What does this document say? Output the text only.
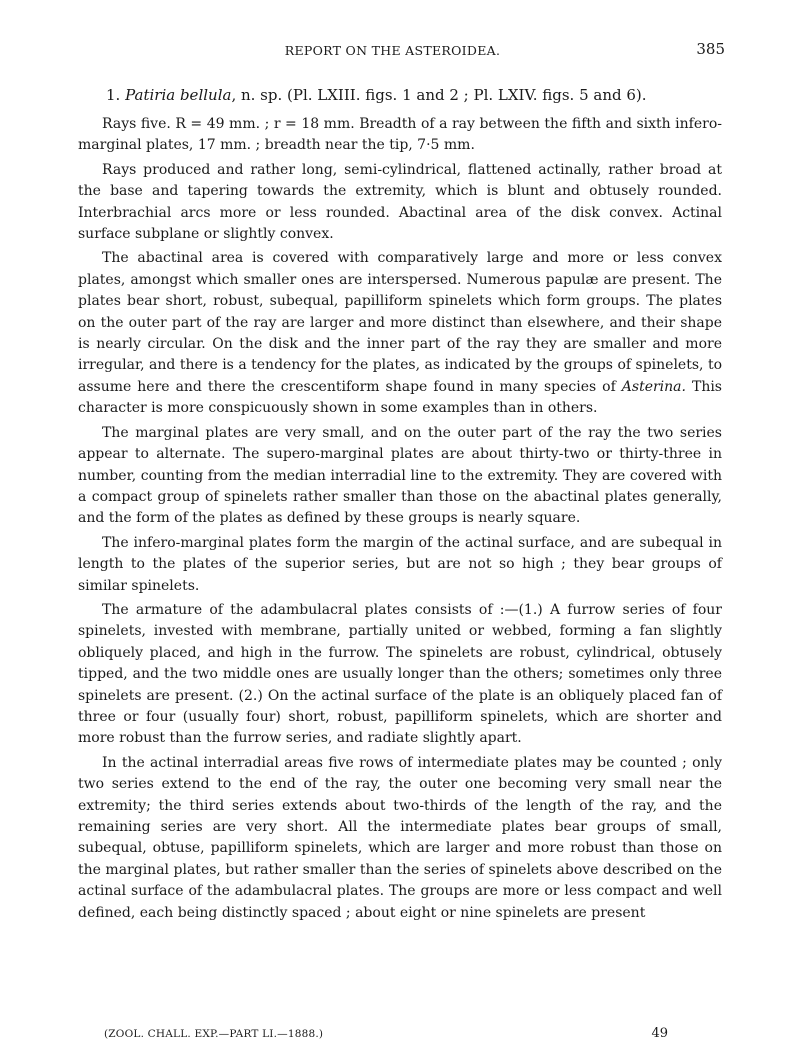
REPORT ON THE ASTEROIDEA.	385
1. Patiria bellula, n. sp. (Pl. LXIII. figs. 1 and 2 ; Pl. LXIV. figs. 5 and 6).

Rays five. R = 49 mm. ; r = 18 mm. Breadth of a ray between the fifth and sixth infero-marginal plates, 17 mm. ; breadth near the tip, 7·5 mm.

Rays produced and rather long, semi-cylindrical, flattened actinally, rather broad at the base and tapering towards the extremity, which is blunt and obtusely rounded. Interbrachial arcs more or less rounded. Abactinal area of the disk convex. Actinal surface subplane or slightly convex.

The abactinal area is covered with comparatively large and more or less convex plates, amongst which smaller ones are interspersed. Numerous papulæ are present. The plates bear short, robust, subequal, papilliform spinelets which form groups. The plates on the outer part of the ray are larger and more distinct than elsewhere, and their shape is nearly circular. On the disk and the inner part of the ray they are smaller and more irregular, and there is a tendency for the plates, as indicated by the groups of spinelets, to assume here and there the crescentiform shape found in many species of Asterina. This character is more conspicuously shown in some examples than in others.

The marginal plates are very small, and on the outer part of the ray the two series appear to alternate. The supero-marginal plates are about thirty-two or thirty-three in number, counting from the median interradial line to the extremity. They are covered with a compact group of spinelets rather smaller than those on the abactinal plates generally, and the form of the plates as defined by these groups is nearly square.

The infero-marginal plates form the margin of the actinal surface, and are subequal in length to the plates of the superior series, but are not so high ; they bear groups of similar spinelets.

The armature of the adambulacral plates consists of :—(1.) A furrow series of four spinelets, invested with membrane, partially united or webbed, forming a fan slightly obliquely placed, and high in the furrow. The spinelets are robust, cylindrical, obtusely tipped, and the two middle ones are usually longer than the others; sometimes only three spinelets are present. (2.) On the actinal surface of the plate is an obliquely placed fan of three or four (usually four) short, robust, papilliform spinelets, which are shorter and more robust than the furrow series, and radiate slightly apart.

In the actinal interradial areas five rows of intermediate plates may be counted ; only two series extend to the end of the ray, the outer one becoming very small near the extremity; the third series extends about two-thirds of the length of the ray, and the remaining series are very short. All the intermediate plates bear groups of small, subequal, obtuse, papilliform spinelets, which are larger and more robust than those on the marginal plates, but rather smaller than the series of spinelets above described on the actinal surface of the adambulacral plates. The groups are more or less compact and well defined, each being distinctly spaced ; about eight or nine spinelets are present

(ZOOL. CHALL. EXP.—PART LI.—1888.)	49
